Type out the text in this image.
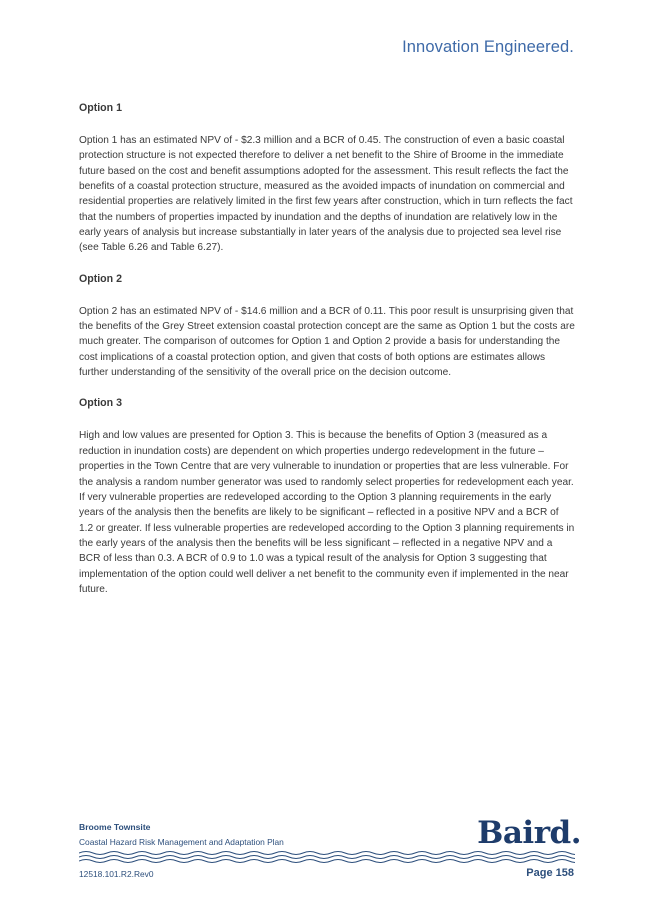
Innovation Engineered.
Option 1

Option 1 has an estimated NPV of - $2.3 million and a BCR of 0.45. The construction of even a basic coastal protection structure is not expected therefore to deliver a net benefit to the Shire of Broome in the immediate future based on the cost and benefit assumptions adopted for the assessment. This result reflects the fact the benefits of a coastal protection structure, measured as the avoided impacts of inundation on commercial and residential properties are relatively limited in the first few years after construction, which in turn reflects the fact that the numbers of properties impacted by inundation and the depths of inundation are relatively low in the early years of analysis but increase substantially in later years of the analysis due to projected sea level rise (see Table 6.26 and Table 6.27).

Option 2

Option 2 has an estimated NPV of - $14.6 million and a BCR of 0.11. This poor result is unsurprising given that the benefits of the Grey Street extension coastal protection concept are the same as Option 1 but the costs are much greater. The comparison of outcomes for Option 1 and Option 2 provide a basis for understanding the cost implications of a coastal protection option, and given that costs of both options are estimates allows further understanding of the sensitivity of the overall price on the decision outcome.

Option 3

High and low values are presented for Option 3. This is because the benefits of Option 3 (measured as a reduction in inundation costs) are dependent on which properties undergo redevelopment in the future – properties in the Town Centre that are very vulnerable to inundation or properties that are less vulnerable. For the analysis a random number generator was used to randomly select properties for redevelopment each year. If very vulnerable properties are redeveloped according to the Option 3 planning requirements in the early years of the analysis then the benefits are likely to be significant – reflected in a positive NPV and a BCR of 1.2 or greater. If less vulnerable properties are redeveloped according to the Option 3 planning requirements in the early years of the analysis then the benefits will be less significant – reflected in a negative NPV and a BCR of less than 0.3. A BCR of 0.9 to 1.0 was a typical result of the analysis for Option 3 suggesting that implementation of the option could well deliver a net benefit to the community even if implemented in the near future.

Broome Townsite
Coastal Hazard Risk Management and Adaptation Plan	Baird.
12518.101.R2.Rev0	Page 158
